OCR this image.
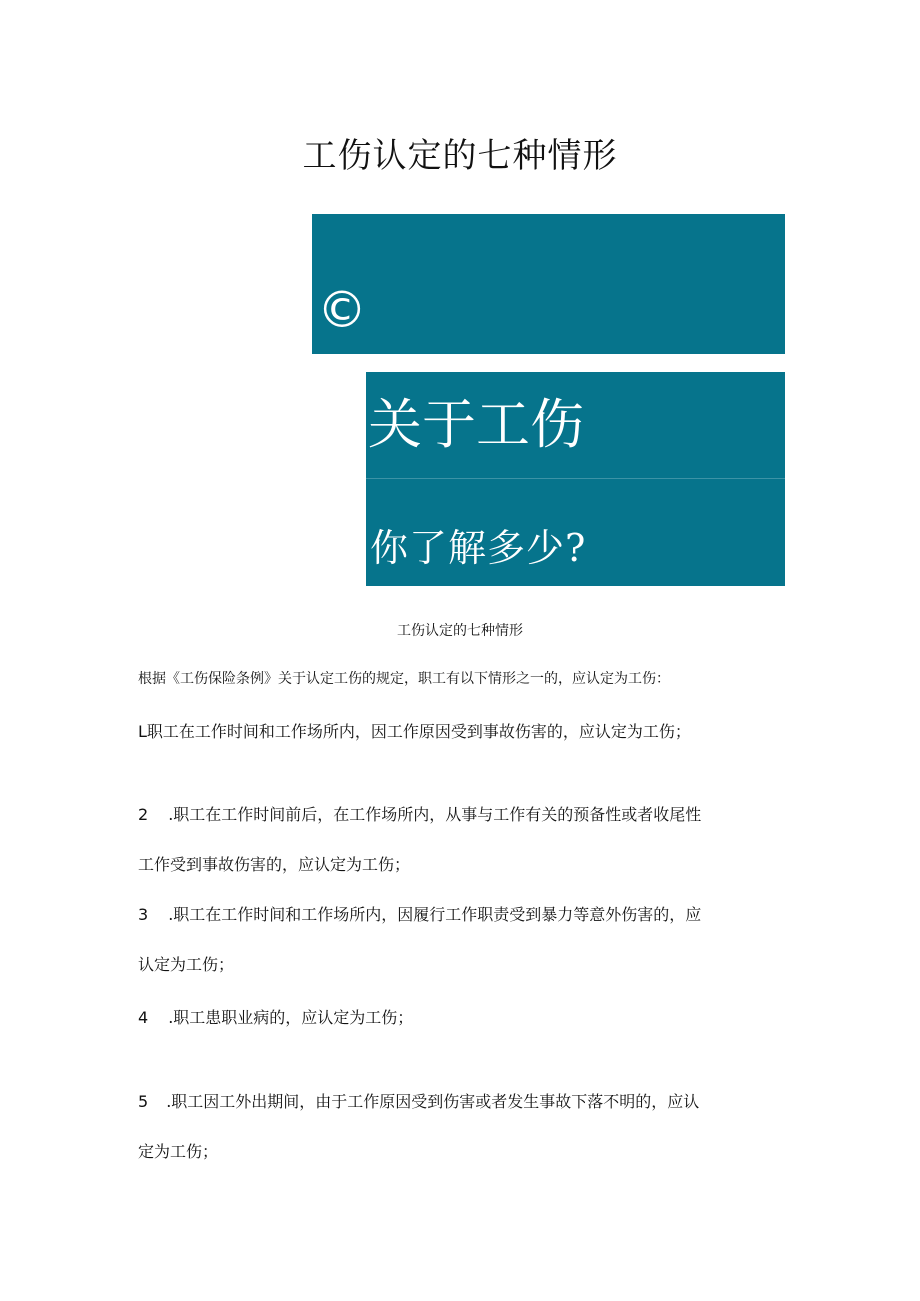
工伤认定的七种情形
©
关于工伤
你了解多少?
工伤认定的七种情形
根据《工伤保险条例》关于认定工伤的规定，职工有以下情形之一的，应认定为工伤：
L职工在工作时间和工作场所内，因工作原因受到事故伤害的，应认定为工伤；
2 .职工在工作时间前后，在工作场所内，从事与工作有关的预备性或者收尾性
工作受到事故伤害的，应认定为工伤；
3 .职工在工作时间和工作场所内，因履行工作职责受到暴力等意外伤害的，应
认定为工伤；
4 .职工患职业病的，应认定为工伤；
5 .职工因工外出期间，由于工作原因受到伤害或者发生事故下落不明的，应认
定为工伤；
